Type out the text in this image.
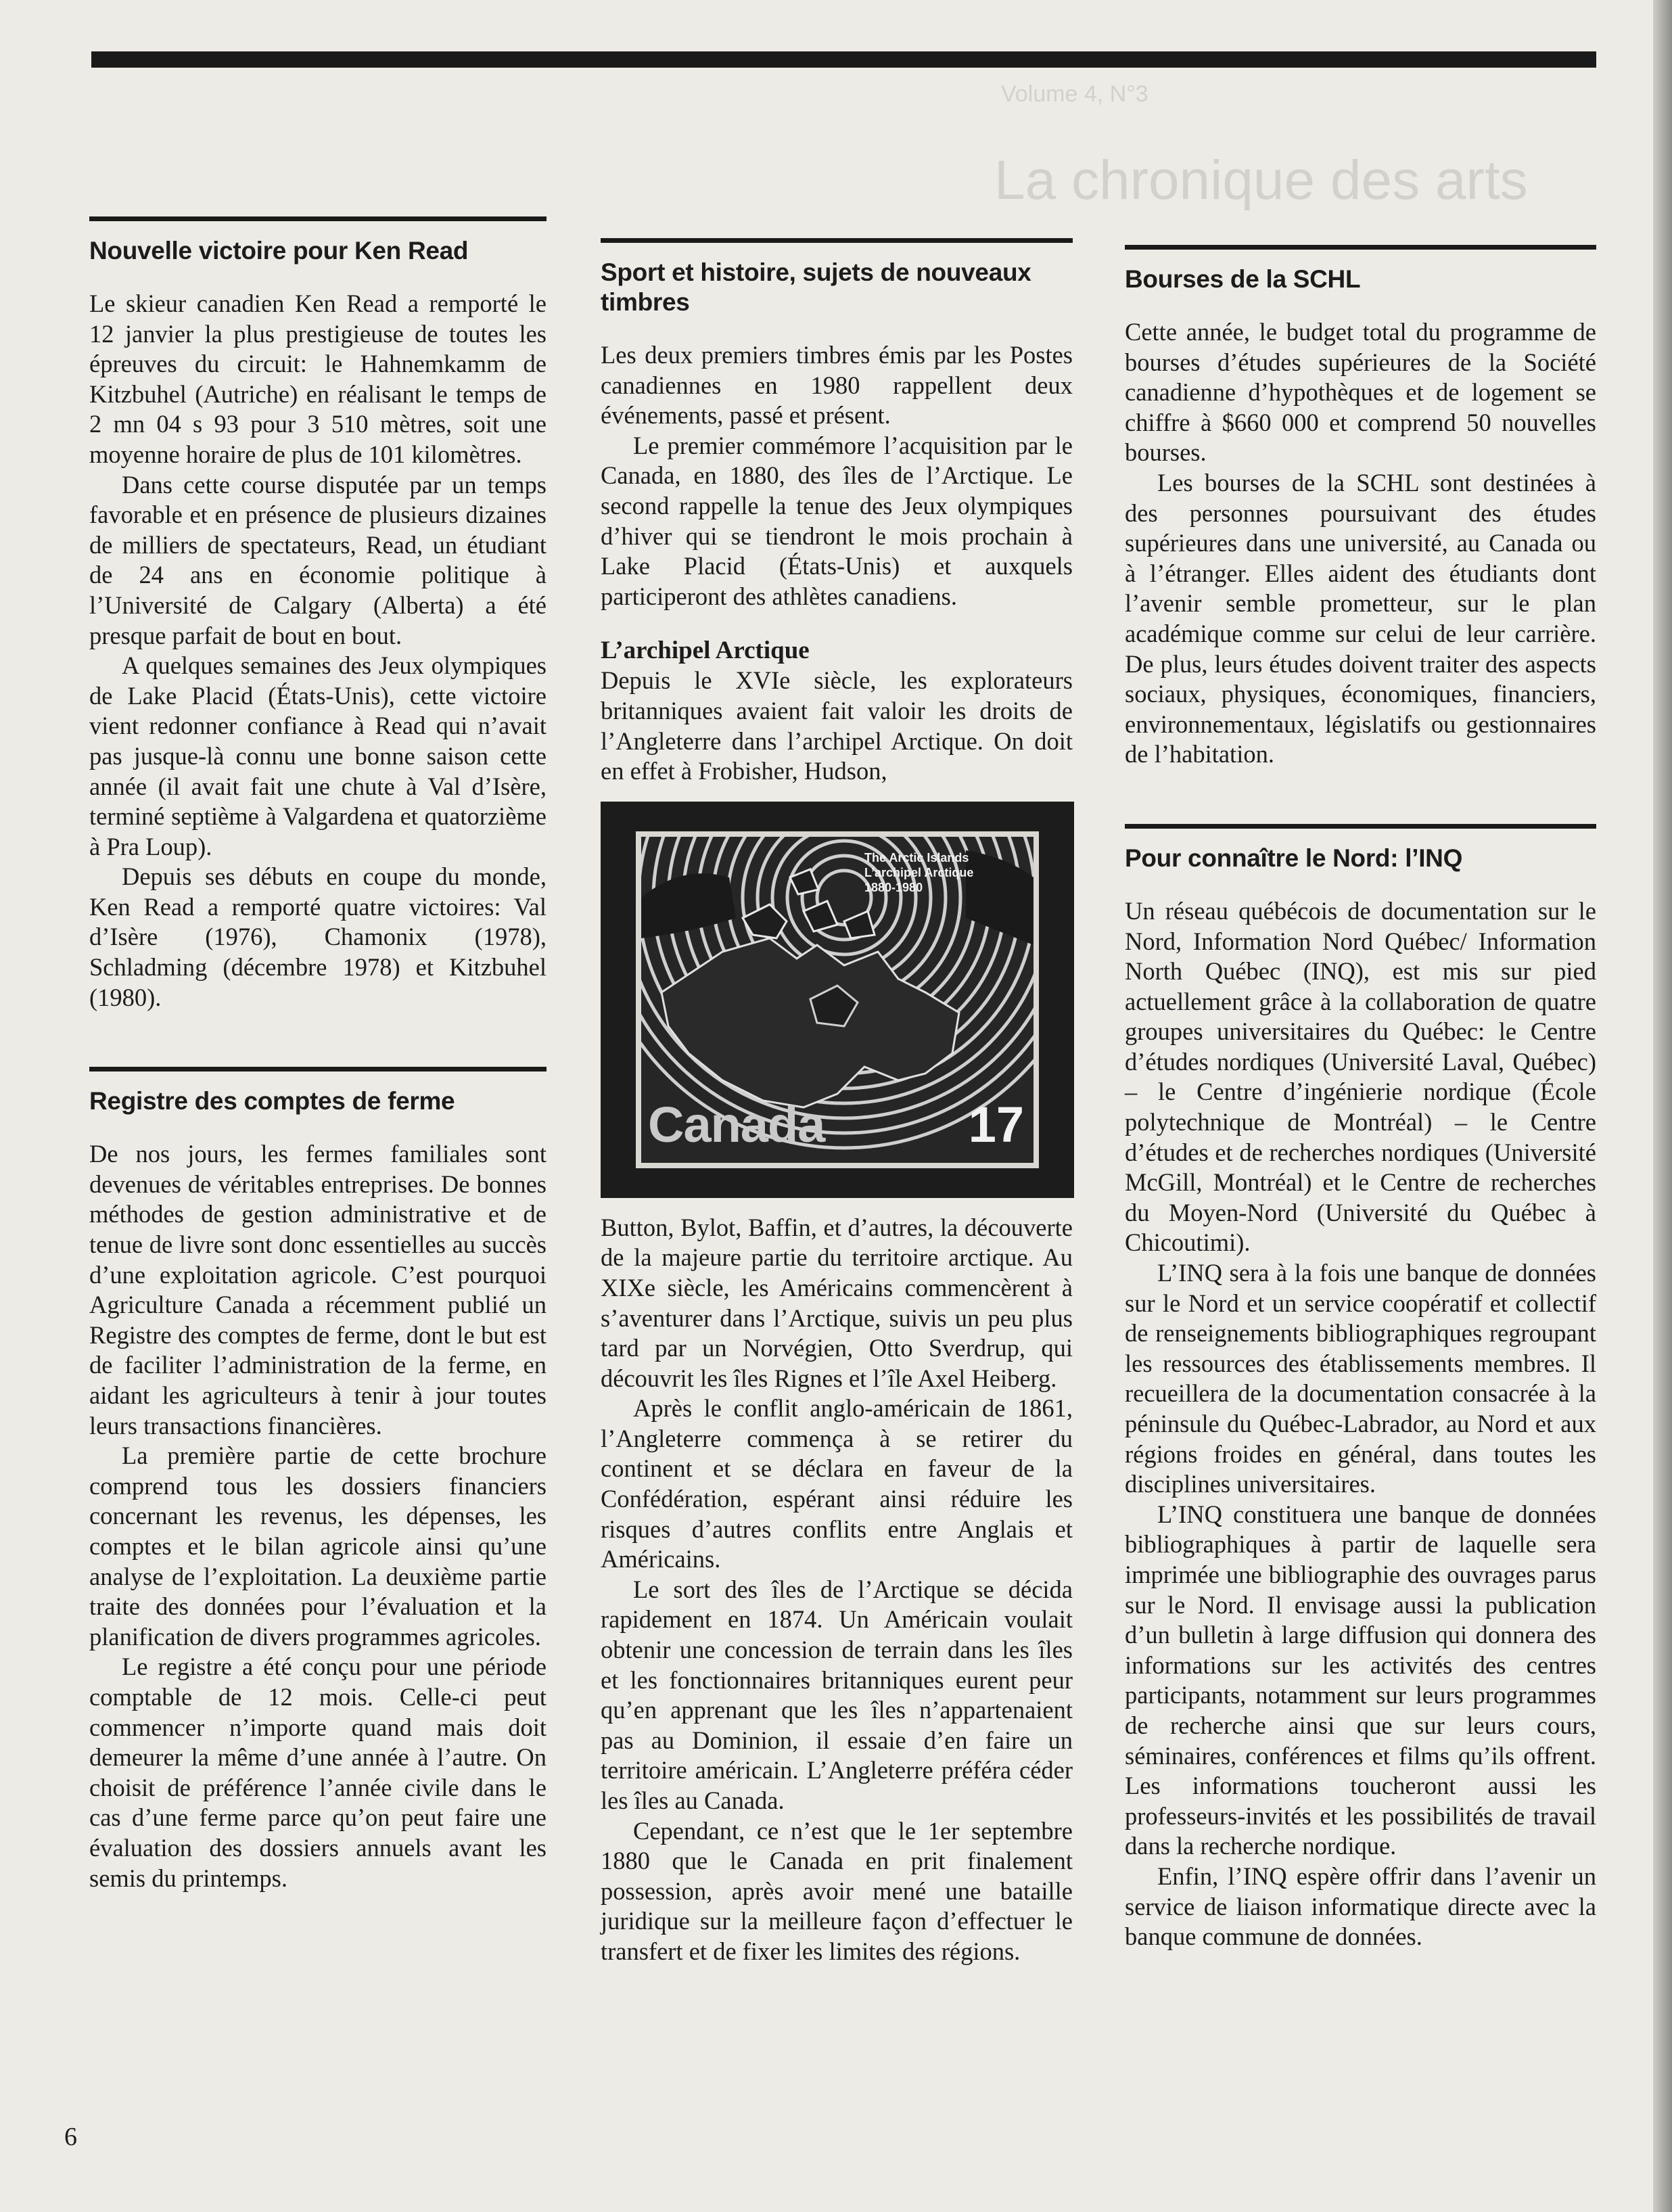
Volume 4, N°3
La chronique des arts
Nouvelle victoire pour Ken Read

Le skieur canadien Ken Read a remporté le 12 janvier la plus prestigieuse de toutes les épreuves du circuit: le Hahnemkamm de Kitzbuhel (Autriche) en réalisant le temps de 2 mn 04 s 93 pour 3 510 mètres, soit une moyenne horaire de plus de 101 kilomètres.

Dans cette course disputée par un temps favorable et en présence de plusieurs dizaines de milliers de spectateurs, Read, un étudiant de 24 ans en économie politique à l’Université de Calgary (Alberta) a été presque parfait de bout en bout.

A quelques semaines des Jeux olympiques de Lake Placid (États-Unis), cette victoire vient redonner confiance à Read qui n’avait pas jusque-là connu une bonne saison cette année (il avait fait une chute à Val d’Isère, terminé septième à Valgardena et quatorzième à Pra Loup).

Depuis ses débuts en coupe du monde, Ken Read a remporté quatre victoires: Val d’Isère (1976), Chamonix (1978), Schladming (décembre 1978) et Kitzbuhel (1980).

Registre des comptes de ferme

De nos jours, les fermes familiales sont devenues de véritables entreprises. De bonnes méthodes de gestion administrative et de tenue de livre sont donc essentielles au succès d’une exploitation agricole. C’est pourquoi Agriculture Canada a récemment publié un Registre des comptes de ferme, dont le but est de faciliter l’administration de la ferme, en aidant les agriculteurs à tenir à jour toutes leurs transactions financières.

La première partie de cette brochure comprend tous les dossiers financiers concernant les revenus, les dépenses, les comptes et le bilan agricole ainsi qu’une analyse de l’exploitation. La deuxième partie traite des données pour l’évaluation et la planification de divers programmes agricoles.

Le registre a été conçu pour une période comptable de 12 mois. Celle-ci peut commencer n’importe quand mais doit demeurer la même d’une année à l’autre. On choisit de préférence l’année civile dans le cas d’une ferme parce qu’on peut faire une évaluation des dossiers annuels avant les semis du printemps.

Sport et histoire, sujets de nouveaux timbres

Les deux premiers timbres émis par les Postes canadiennes en 1980 rappellent deux événements, passé et présent.

Le premier commémore l’acquisition par le Canada, en 1880, des îles de l’Arctique. Le second rappelle la tenue des Jeux olympiques d’hiver qui se tiendront le mois prochain à Lake Placid (États-Unis) et auxquels participeront des athlètes canadiens.

L’archipel Arctique

Depuis le XVIe siècle, les explorateurs britanniques avaient fait valoir les droits de l’Angleterre dans l’archipel Arctique. On doit en effet à Frobisher, Hudson,

The Arctic Islands
L’archipel Arctique
1880-1980
Canada	17

Button, Bylot, Baffin, et d’autres, la découverte de la majeure partie du territoire arctique. Au XIXe siècle, les Américains commencèrent à s’aventurer dans l’Arctique, suivis un peu plus tard par un Norvégien, Otto Sverdrup, qui découvrit les îles Rignes et l’île Axel Heiberg.

Après le conflit anglo-américain de 1861, l’Angleterre commença à se retirer du continent et se déclara en faveur de la Confédération, espérant ainsi réduire les risques d’autres conflits entre Anglais et Américains.

Le sort des îles de l’Arctique se décida rapidement en 1874. Un Américain voulait obtenir une concession de terrain dans les îles et les fonctionnaires britanniques eurent peur qu’en apprenant que les îles n’appartenaient pas au Dominion, il essaie d’en faire un territoire américain. L’Angleterre préféra céder les îles au Canada.

Cependant, ce n’est que le 1er septembre 1880 que le Canada en prit finalement possession, après avoir mené une bataille juridique sur la meilleure façon d’effectuer le transfert et de fixer les limites des régions.

Bourses de la SCHL

Cette année, le budget total du programme de bourses d’études supérieures de la Société canadienne d’hypothèques et de logement se chiffre à $660 000 et comprend 50 nouvelles bourses.

Les bourses de la SCHL sont destinées à des personnes poursuivant des études supérieures dans une université, au Canada ou à l’étranger. Elles aident des étudiants dont l’avenir semble prometteur, sur le plan académique comme sur celui de leur carrière. De plus, leurs études doivent traiter des aspects sociaux, physiques, économiques, financiers, environnementaux, législatifs ou gestionnaires de l’habitation.

Pour connaître le Nord: l’INQ

Un réseau québécois de documentation sur le Nord, Information Nord Québec/ Information North Québec (INQ), est mis sur pied actuellement grâce à la collaboration de quatre groupes universitaires du Québec: le Centre d’études nordiques (Université Laval, Québec) – le Centre d’ingénierie nordique (École polytechnique de Montréal) – le Centre d’études et de recherches nordiques (Université McGill, Montréal) et le Centre de recherches du Moyen-Nord (Université du Québec à Chicoutimi).

L’INQ sera à la fois une banque de données sur le Nord et un service coopératif et collectif de renseignements bibliographiques regroupant les ressources des établissements membres. Il recueillera de la documentation consacrée à la péninsule du Québec-Labrador, au Nord et aux régions froides en général, dans toutes les disciplines universitaires.

L’INQ constituera une banque de données bibliographiques à partir de laquelle sera imprimée une bibliographie des ouvrages parus sur le Nord. Il envisage aussi la publication d’un bulletin à large diffusion qui donnera des informations sur les activités des centres participants, notamment sur leurs programmes de recherche ainsi que sur leurs cours, séminaires, conférences et films qu’ils offrent. Les informations toucheront aussi les professeurs-invités et les possibilités de travail dans la recherche nordique.

Enfin, l’INQ espère offrir dans l’avenir un service de liaison informatique directe avec la banque commune de données.

6
